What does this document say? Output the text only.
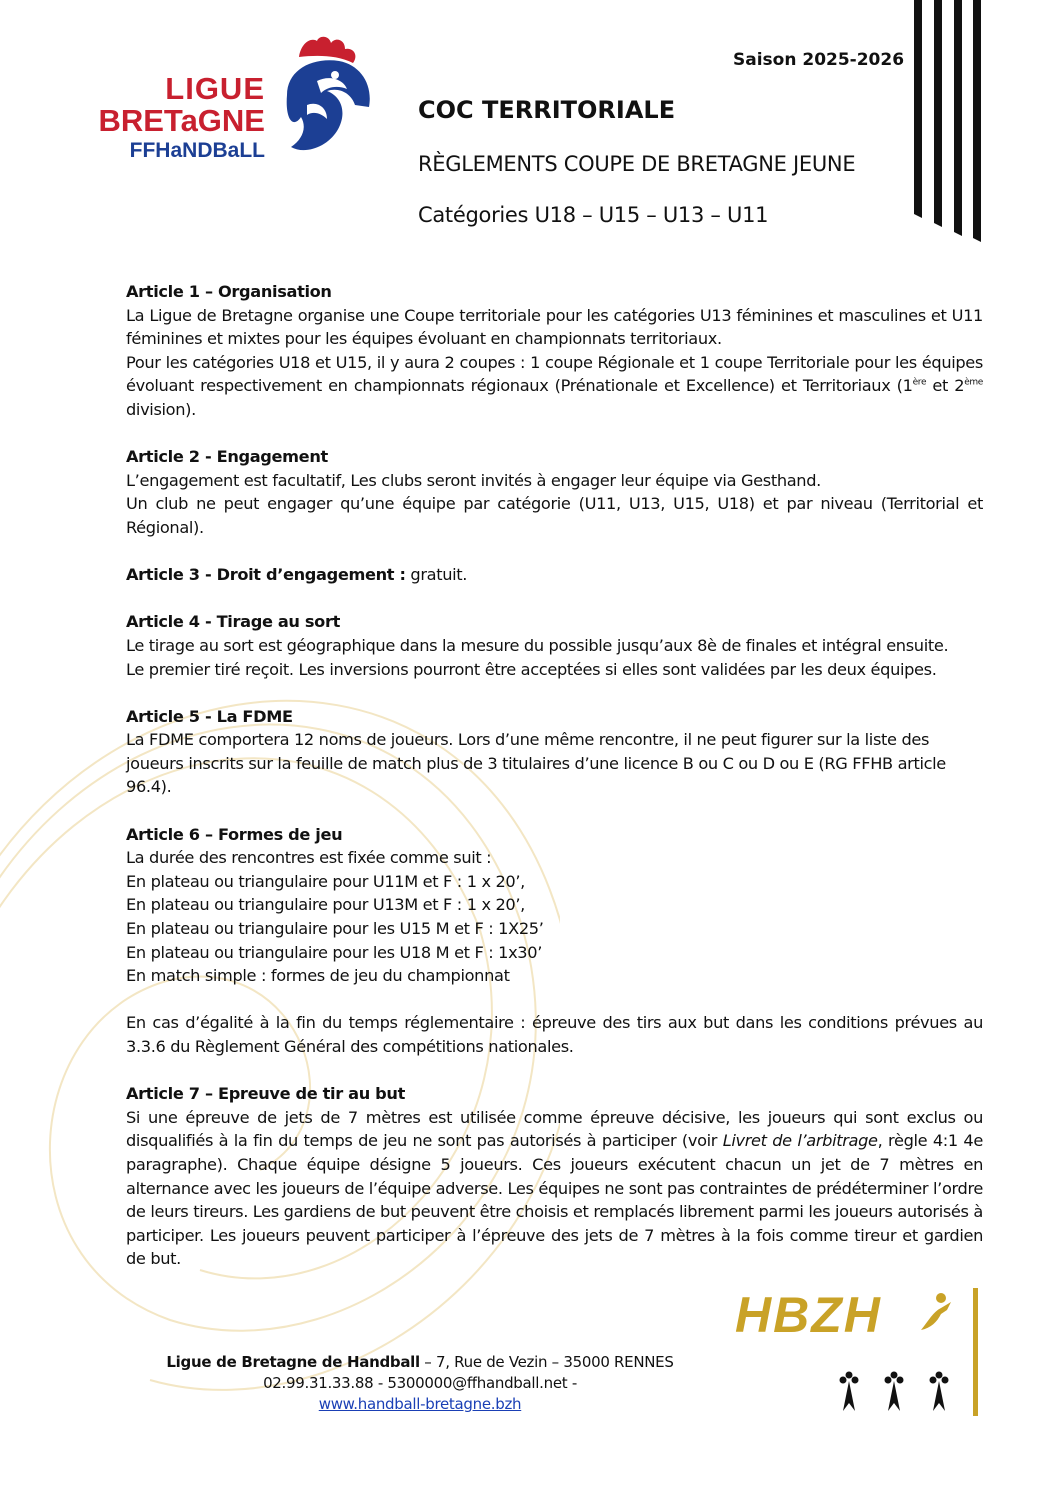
LIGUE
BRETaGNE
FFHaNDBaLL
Saison 2025-2026
COC TERRITORIALE
RÈGLEMENTS COUPE DE BRETAGNE JEUNE
Catégories U18 – U15 – U13 – U11
Article 1 – Organisation

La Ligue de Bretagne organise une Coupe territoriale pour les catégories U13 féminines et masculines et U11 féminines et mixtes pour les équipes évoluant en championnats territoriaux.

Pour les catégories U18 et U15, il y aura 2 coupes : 1 coupe Régionale et 1 coupe Territoriale pour les équipes évoluant respectivement en championnats régionaux (Prénationale et Excellence) et Territoriaux (1ère et 2ème division).

Article 2 - Engagement

L’engagement est facultatif, Les clubs seront invités à engager leur équipe via Gesthand.

Un club ne peut engager qu’une équipe par catégorie (U11, U13, U15, U18) et par niveau (Territorial et Régional).

Article 3 - Droit d’engagement : gratuit.

Article 4 - Tirage au sort

Le tirage au sort est géographique dans la mesure du possible jusqu’aux 8è de finales et intégral ensuite.

Le premier tiré reçoit. Les inversions pourront être acceptées si elles sont validées par les deux équipes.

Article 5 - La FDME

La FDME comportera 12 noms de joueurs. Lors d’une même rencontre, il ne peut figurer sur la liste des joueurs inscrits sur la feuille de match plus de 3 titulaires d’une licence B ou C ou D ou E (RG FFHB article 96.4).

Article 6 – Formes de jeu

La durée des rencontres est fixée comme suit :

En plateau ou triangulaire pour U11M et F : 1 x 20’,

En plateau ou triangulaire pour U13M et F : 1 x 20’,

En plateau ou triangulaire pour les U15 M et F : 1X25’

En plateau ou triangulaire pour les U18 M et F : 1x30’

En match simple : formes de jeu du championnat

En cas d’égalité à la fin du temps réglementaire : épreuve des tirs aux but dans les conditions prévues au 3.3.6 du Règlement Général des compétitions nationales.

Article 7 – Epreuve de tir au but

Si une épreuve de jets de 7 mètres est utilisée comme épreuve décisive, les joueurs qui sont exclus ou disqualifiés à la fin du temps de jeu ne sont pas autorisés à participer (voir Livret de l’arbitrage, règle 4:1 4e paragraphe). Chaque équipe désigne 5 joueurs. Ces joueurs exécutent chacun un jet de 7 mètres en alternance avec les joueurs de l’équipe adverse. Les équipes ne sont pas contraintes de prédéterminer l’ordre de leurs tireurs. Les gardiens de but peuvent être choisis et remplacés librement parmi les joueurs autorisés à participer. Les joueurs peuvent participer à l’épreuve des jets de 7 mètres à la fois comme tireur et gardien de but.

Ligue de Bretagne de Handball – 7, Rue de Vezin – 35000 RENNES
02.99.31.33.88 - 5300000@ffhandball.net -
www.handball-bretagne.bzh
HBZH
